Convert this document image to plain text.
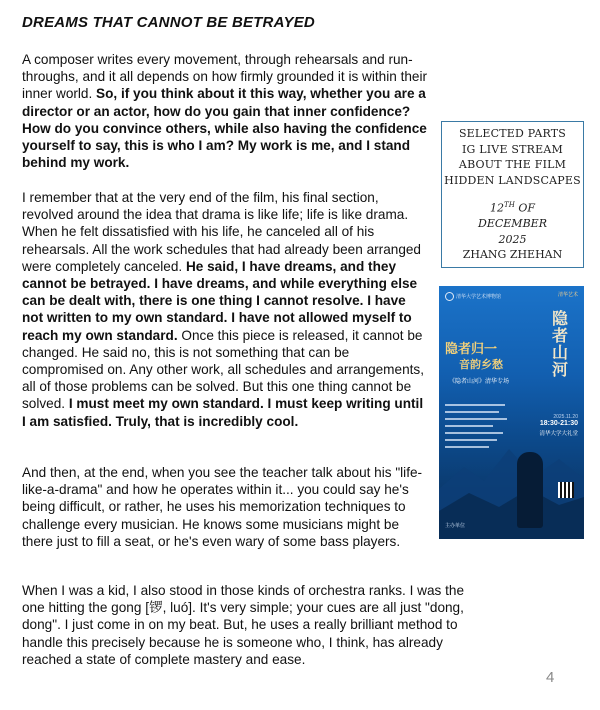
DREAMS THAT CANNOT BE BETRAYED

A composer writes every movement, through rehearsals and run-throughs, and it all depends on how firmly grounded it is within their inner world. So, if you think about it this way, whether you are a director or an actor, how do you gain that inner confidence? How do you convince others, while also having the confidence yourself to say, this is who I am? My work is me, and I stand behind my work.

I remember that at the very end of the film, his final section, revolved around the idea that drama is like life; life is like drama. When he felt dissatisfied with his life, he canceled all of his rehearsals. All the work schedules that had already been arranged were completely canceled. He said, I have dreams, and they cannot be betrayed. I have dreams, and while everything else can be dealt with, there is one thing I cannot resolve. I have not written to my own standard. I have not allowed myself to reach my own standard. Once this piece is released, it cannot be changed. He said no, this is not something that can be compromised on. Any other work, all schedules and arrangements, all of those problems can be solved. But this one thing cannot be solved. I must meet my own standard. I must keep writing until I am satisfied. Truly, that is incredibly cool.

And then, at the end, when you see the teacher talk about his "life-like-a-drama" and how he operates within it... you could say he's being difficult, or rather, he uses his memorization techniques to challenge every musician. He knows some musicians might be there just to fill a seat, or he's even wary of some bass players.

When I was a kid, I also stood in those kinds of orchestra ranks. I was the one hitting the gong [锣, luó]. It's very simple; your cues are all just "dong, dong". I just come in on my beat. But, he uses a really brilliant method to handle this precisely because he is someone who, I think, has already reached a state of complete mastery and ease.

SELECTED PARTS
IG LIVE STREAM
ABOUT THE FILM
HIDDEN LANDSCAPES
12TH OF
DECEMBER
2025
ZHANG ZHEHAN
清华大学艺术博物馆	清华艺术
隐者山河
隐者归一
音韵乡愁
《隐者山河》清华专场
2025.11.20
18:30-21:30
清华大学大礼堂
主办单位
4
